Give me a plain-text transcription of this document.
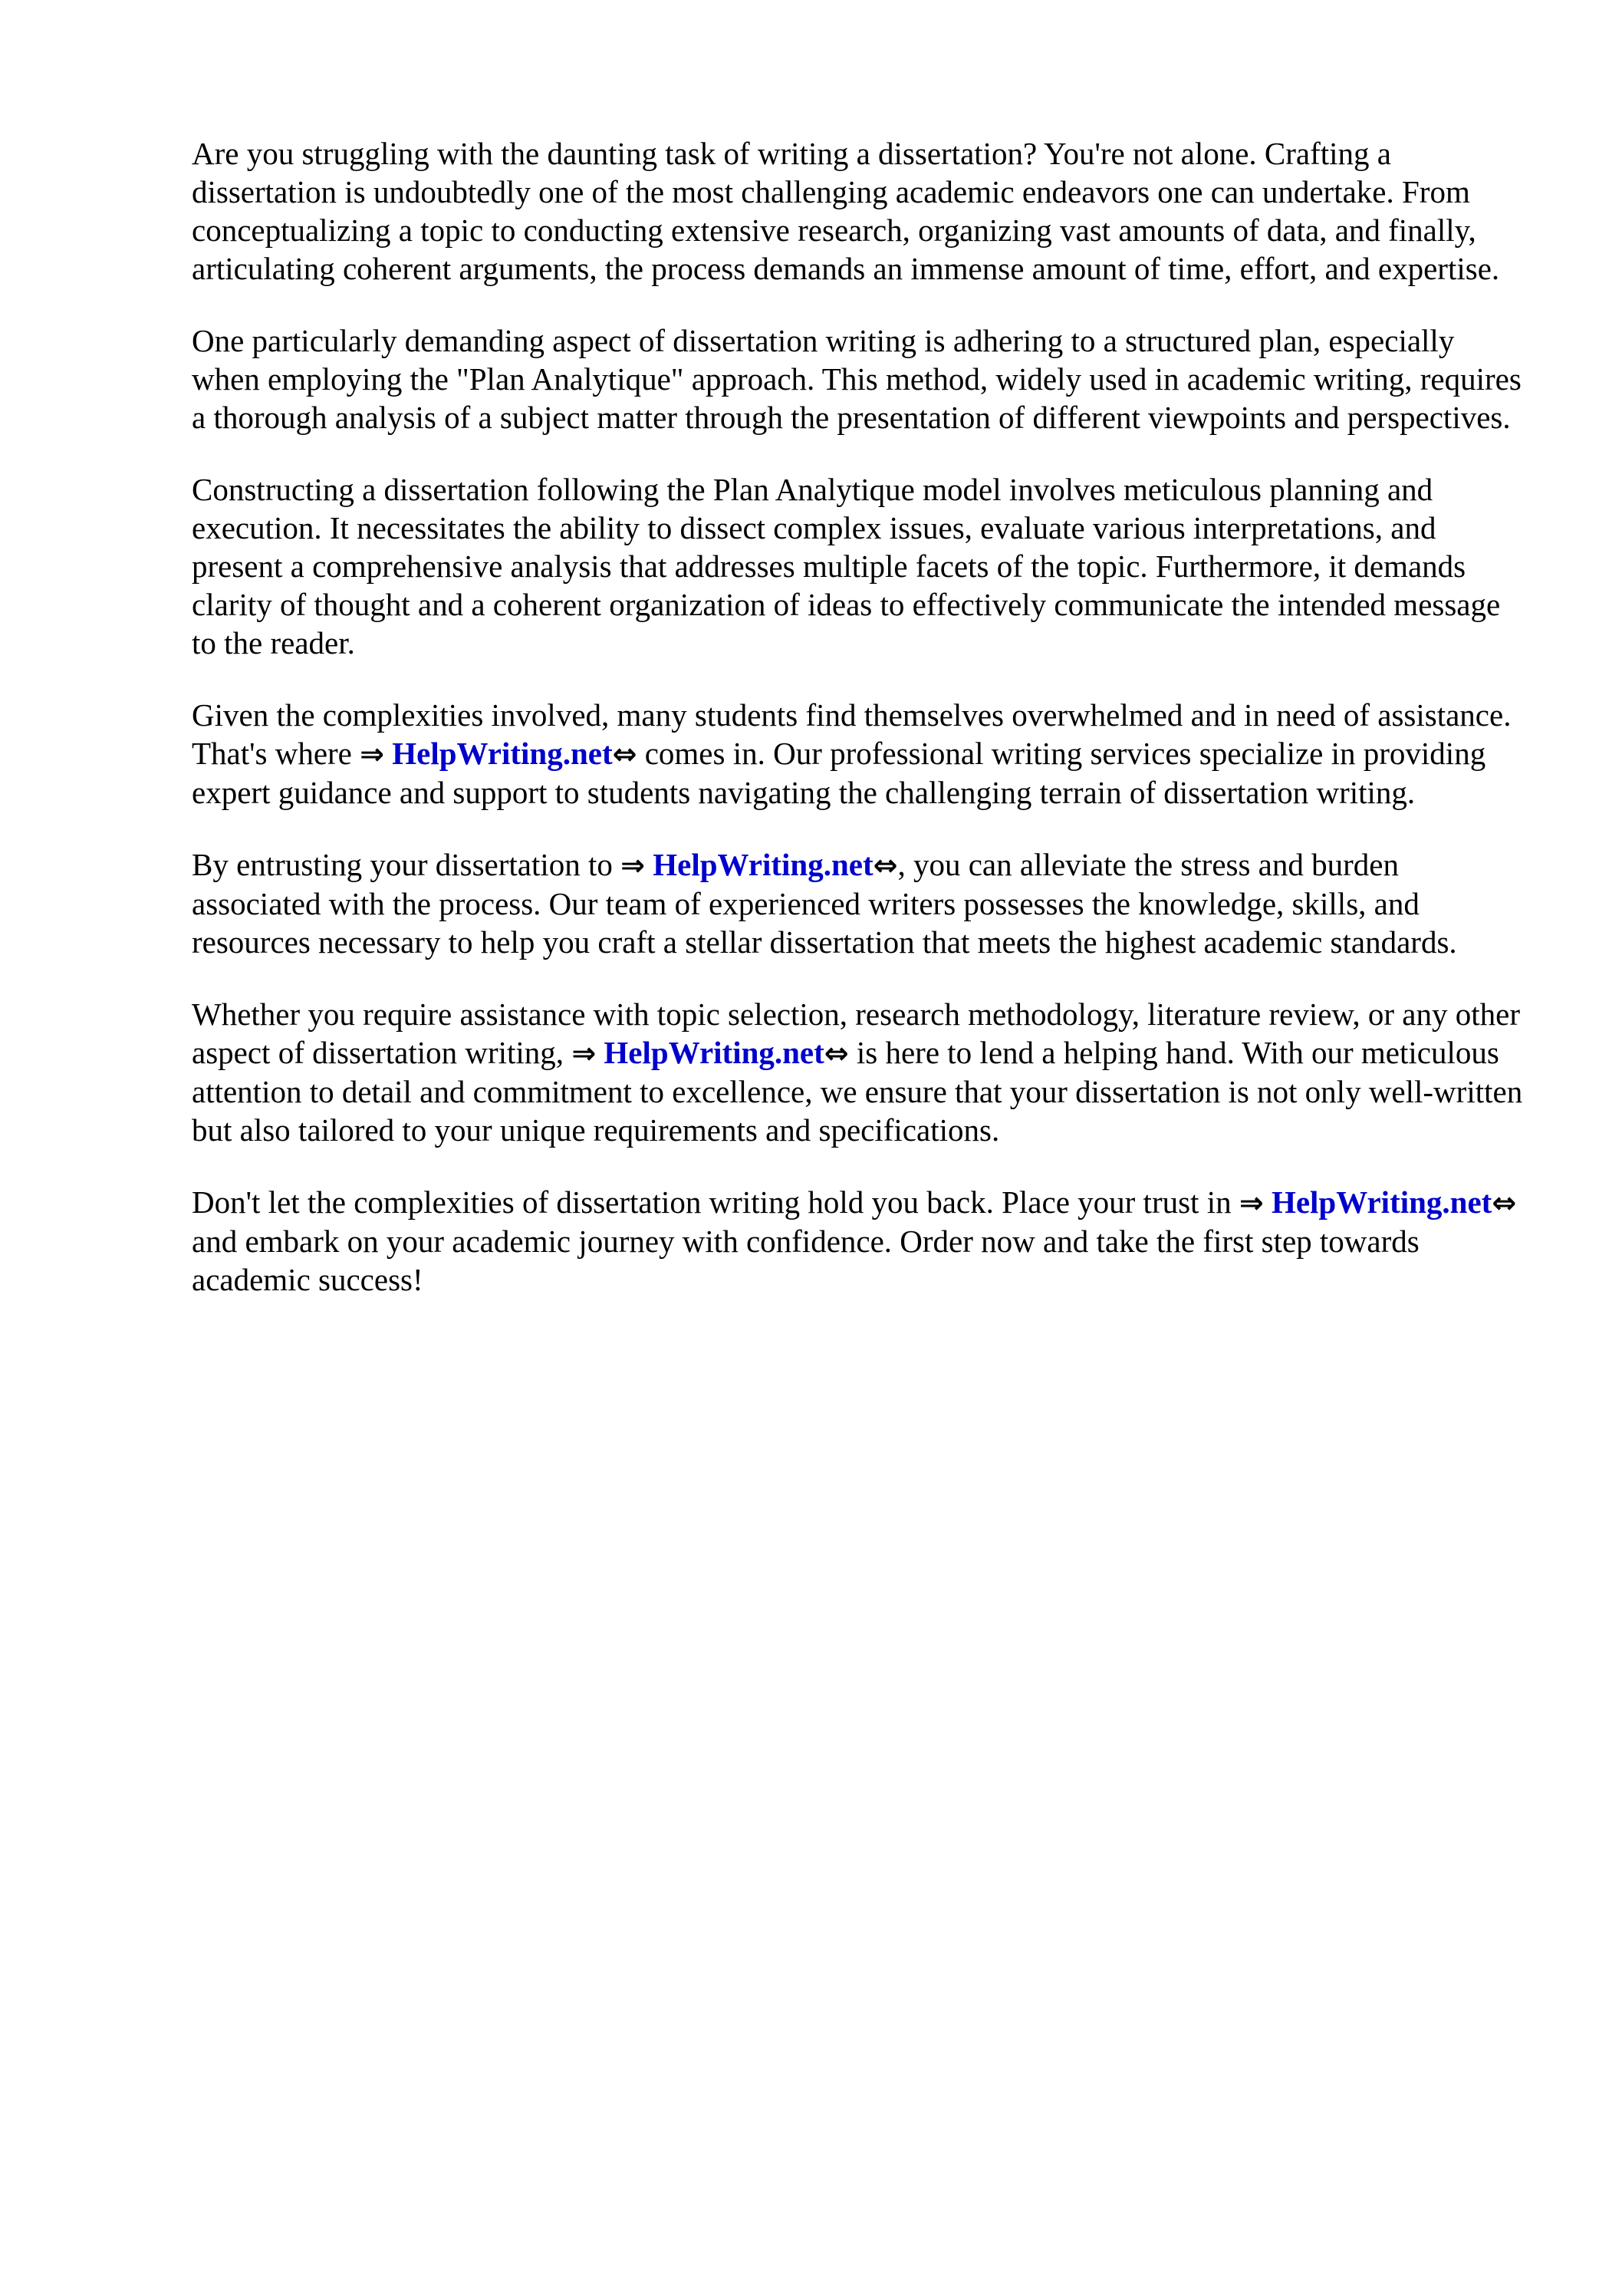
Are you struggling with the daunting task of writing a dissertation? You're not alone. Crafting a dissertation is undoubtedly one of the most challenging academic endeavors one can undertake. From conceptualizing a topic to conducting extensive research, organizing vast amounts of data, and finally, articulating coherent arguments, the process demands an immense amount of time, effort, and expertise.

One particularly demanding aspect of dissertation writing is adhering to a structured plan, especially when employing the "Plan Analytique" approach. This method, widely used in academic writing, requires a thorough analysis of a subject matter through the presentation of different viewpoints and perspectives.

Constructing a dissertation following the Plan Analytique model involves meticulous planning and execution. It necessitates the ability to dissect complex issues, evaluate various interpretations, and present a comprehensive analysis that addresses multiple facets of the topic. Furthermore, it demands clarity of thought and a coherent organization of ideas to effectively communicate the intended message to the reader.

Given the complexities involved, many students find themselves overwhelmed and in need of assistance. That's where ⇒ HelpWriting.net⇔ comes in. Our professional writing services specialize in providing expert guidance and support to students navigating the challenging terrain of dissertation writing.

By entrusting your dissertation to ⇒ HelpWriting.net⇔, you can alleviate the stress and burden associated with the process. Our team of experienced writers possesses the knowledge, skills, and resources necessary to help you craft a stellar dissertation that meets the highest academic standards.

Whether you require assistance with topic selection, research methodology, literature review, or any other aspect of dissertation writing, ⇒ HelpWriting.net⇔ is here to lend a helping hand. With our meticulous attention to detail and commitment to excellence, we ensure that your dissertation is not only well-written but also tailored to your unique requirements and specifications.

Don't let the complexities of dissertation writing hold you back. Place your trust in ⇒ HelpWriting.net⇔ and embark on your academic journey with confidence. Order now and take the first step towards academic success!
